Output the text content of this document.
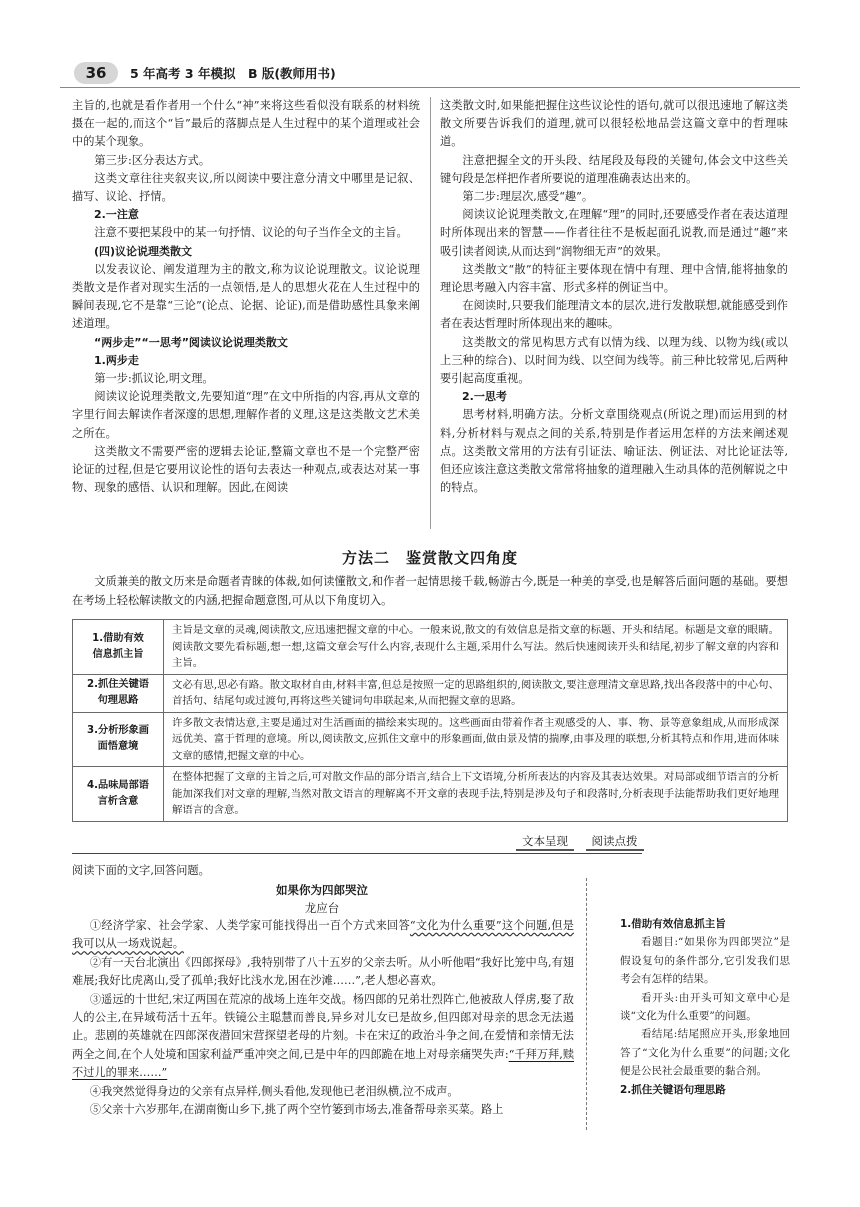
36	5 年高考 3 年模拟　B 版(教师用书)

主旨的,也就是看作者用一个什么“神”来将这些看似没有联系的材料统摄在一起的,而这个“旨”最后的落脚点是人生过程中的某个道理或社会中的某个现象。

第三步:区分表达方式。

这类文章往往夹叙夹议,所以阅读中要注意分清文中哪里是记叙、描写、议论、抒情。

2.一注意

注意不要把某段中的某一句抒情、议论的句子当作全文的主旨。

(四)议论说理类散文

以发表议论、阐发道理为主的散文,称为议论说理散文。议论说理类散文是作者对现实生活的一点领悟,是人的思想火花在人生过程中的瞬间表现,它不是靠“三论”(论点、论据、论证),而是借助感性具象来阐述道理。

“两步走”“一思考”阅读议论说理类散文

1.两步走

第一步:抓议论,明文理。

阅读议论说理类散文,先要知道“理”在文中所指的内容,再从文章的字里行间去解读作者深邃的思想,理解作者的义理,这是这类散文艺术美之所在。

这类散文不需要严密的逻辑去论证,整篇文章也不是一个完整严密论证的过程,但是它要用议论性的语句去表达一种观点,或表达对某一事物、现象的感悟、认识和理解。因此,在阅读

这类散文时,如果能把握住这些议论性的语句,就可以很迅速地了解这类散文所要告诉我们的道理,就可以很轻松地品尝这篇文章中的哲理味道。

注意把握全文的开头段、结尾段及每段的关键句,体会文中这些关键句段是怎样把作者所要说的道理准确表达出来的。

第二步:理层次,感受“趣”。

阅读议论说理类散文,在理解“理”的同时,还要感受作者在表达道理时所体现出来的智慧——作者往往不是板起面孔说教,而是通过“趣”来吸引读者阅读,从而达到“润物细无声”的效果。

这类散文“散”的特征主要体现在情中有理、理中含情,能将抽象的理论思考融入内容丰富、形式多样的例证当中。

在阅读时,只要我们能理清文本的层次,进行发散联想,就能感受到作者在表达哲理时所体现出来的趣味。

这类散文的常见构思方式有以情为线、以理为线、以物为线(或以上三种的综合)、以时间为线、以空间为线等。前三种比较常见,后两种要引起高度重视。

2.一思考

思考材料,明确方法。分析文章围绕观点(所说之理)而运用到的材料,分析材料与观点之间的关系,特别是作者运用怎样的方法来阐述观点。这类散文常用的方法有引证法、喻证法、例证法、对比论证法等,但还应该注意这类散文常常将抽象的道理融入生动具体的范例解说之中的特点。

方法二　鉴赏散文四角度
文质兼美的散文历来是命题者青睐的体裁,如何读懂散文,和作者一起情思接千载,畅游古今,既是一种美的享受,也是解答后面问题的基础。要想在考场上轻松解读散文的内涵,把握命题意图,可从以下角度切入。
1.借助有效
信息抓主旨	主旨是文章的灵魂,阅读散文,应迅速把握文章的中心。一般来说,散文的有效信息是指文章的标题、开头和结尾。标题是文章的眼睛。阅读散文要先看标题,想一想,这篇文章会写什么内容,表现什么主题,采用什么写法。然后快速阅读开头和结尾,初步了解文章的内容和主旨。
2.抓住关键语
句理思路	文必有思,思必有路。散文取材自由,材料丰富,但总是按照一定的思路组织的,阅读散文,要注意理清文章思路,找出各段落中的中心句、首括句、结尾句或过渡句,再将这些关键词句串联起来,从而把握文章的思路。
3.分析形象画
面悟意境	许多散文表情达意,主要是通过对生活画面的描绘来实现的。这些画面由带着作者主观感受的人、事、物、景等意象组成,从而形成深远优美、富于哲理的意境。所以,阅读散文,应抓住文章中的形象画面,做由景及情的揣摩,由事及理的联想,分析其特点和作用,进而体味文章的感情,把握文章的中心。
4.品味局部语
言析含意	在整体把握了文章的主旨之后,可对散文作品的部分语言,结合上下文语境,分析所表达的内容及其表达效果。对局部或细节语言的分析能加深我们对文章的理解,当然对散文语言的理解离不开文章的表现手法,特别是涉及句子和段落时,分析表现手法能帮助我们更好地理解语言的含意。
文本呈现　 阅读点拨
阅读下面的文字,回答问题。
如果你为四郎哭泣
龙应台

①经济学家、社会学家、人类学家可能找得出一百个方式来回答“文化为什么重要”这个问题,但是我可以从一场戏说起。

②有一天台北演出《四郎探母》,我特别带了八十五岁的父亲去听。从小听他唱“我好比笼中鸟,有翅难展;我好比虎离山,受了孤单;我好比浅水龙,困在沙滩……”,老人想必喜欢。

③遥远的十世纪,宋辽两国在荒凉的战场上连年交战。杨四郎的兄弟壮烈阵亡,他被敌人俘虏,娶了敌人的公主,在异域苟活十五年。铁镜公主聪慧而善良,异乡对儿女已是故乡,但四郎对母亲的思念无法遏止。悲剧的英雄就在四郎深夜潜回宋营探望老母的片刻。卡在宋辽的政治斗争之间,在爱情和亲情无法两全之间,在个人处境和国家利益严重冲突之间,已是中年的四郎跪在地上对母亲痛哭失声:“千拜万拜,赎不过儿的罪来……”

④我突然觉得身边的父亲有点异样,侧头看他,发现他已老泪纵横,泣不成声。

⑤父亲十六岁那年,在湖南衡山乡下,挑了两个空竹篓到市场去,准备帮母亲买菜。路上

1.借助有效信息抓主旨

看题目:“如果你为四郎哭泣”是假设复句的条件部分,它引发我们思考会有怎样的结果。

看开头:由开头可知文章中心是谈“文化为什么重要”的问题。

看结尾:结尾照应开头,形象地回答了“文化为什么重要”的问题;文化便是公民社会最重要的黏合剂。

2.抓住关键语句理思路
